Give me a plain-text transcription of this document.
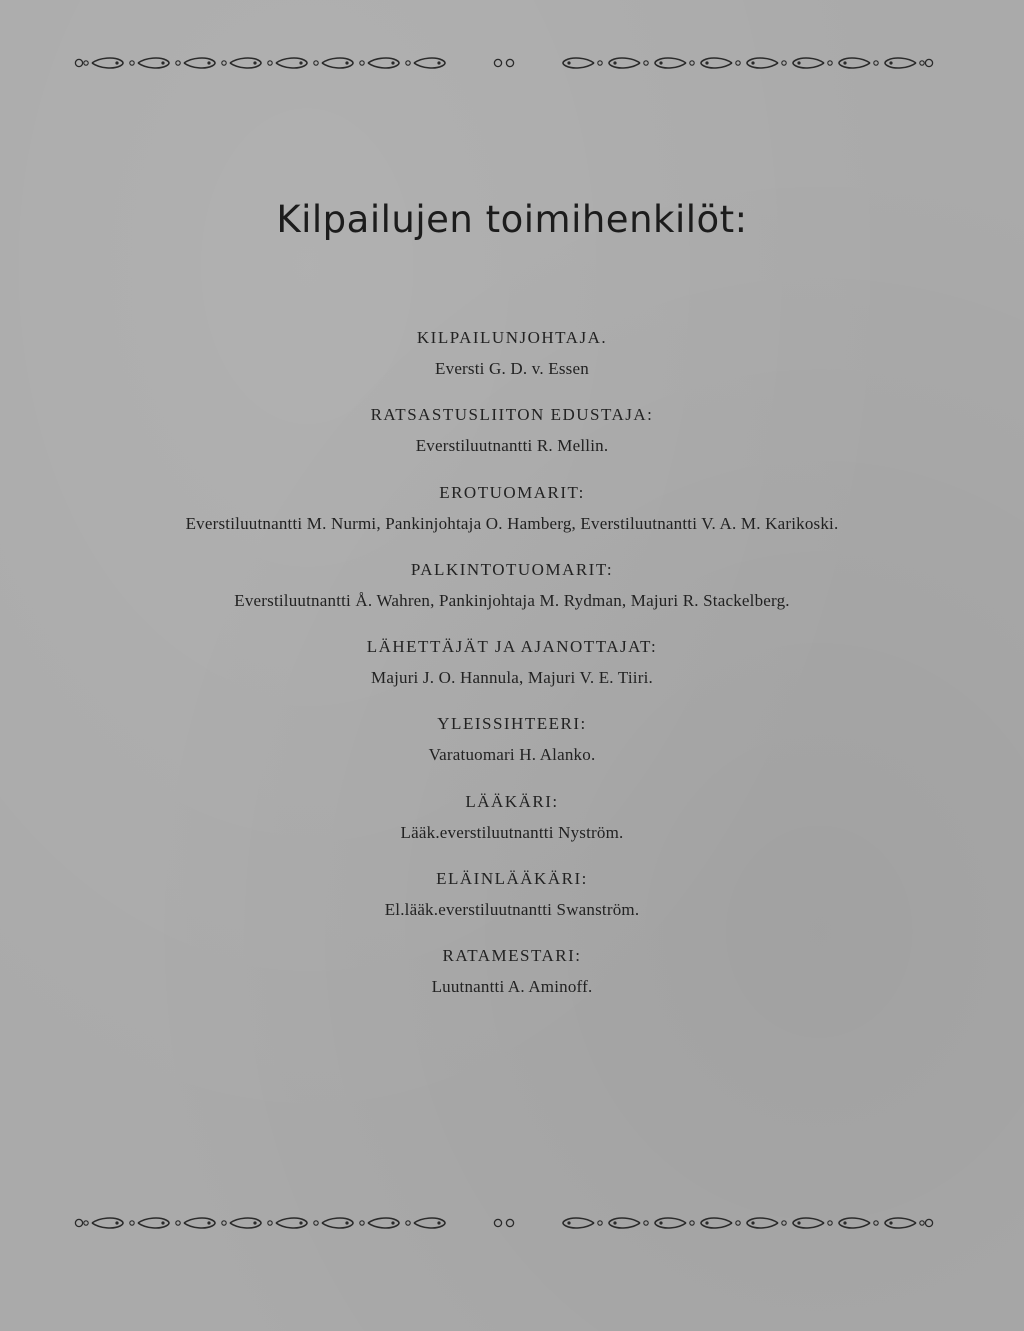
Kilpailujen toimihenkilöt:
KILPAILUNJOHTAJA.
Eversti G. D. v. Essen
RATSASTUSLIITON EDUSTAJA:
Everstiluutnantti R. Mellin.
EROTUOMARIT:
Everstiluutnantti M. Nurmi, Pankinjohtaja O. Hamberg, Everstiluutnantti V. A. M. Karikoski.
PALKINTOTUOMARIT:
Everstiluutnantti Å. Wahren, Pankinjohtaja M. Rydman, Majuri R. Stackelberg.
LÄHETTÄJÄT JA AJANOTTAJAT:
Majuri J. O. Hannula, Majuri V. E. Tiiri.
YLEISSIHTEERI:
Varatuomari H. Alanko.
LÄÄKÄRI:
Lääk.everstiluutnantti Nyström.
ELÄINLÄÄKÄRI:
El.lääk.everstiluutnantti Swanström.
RATAMESTARI:
Luutnantti A. Aminoff.
